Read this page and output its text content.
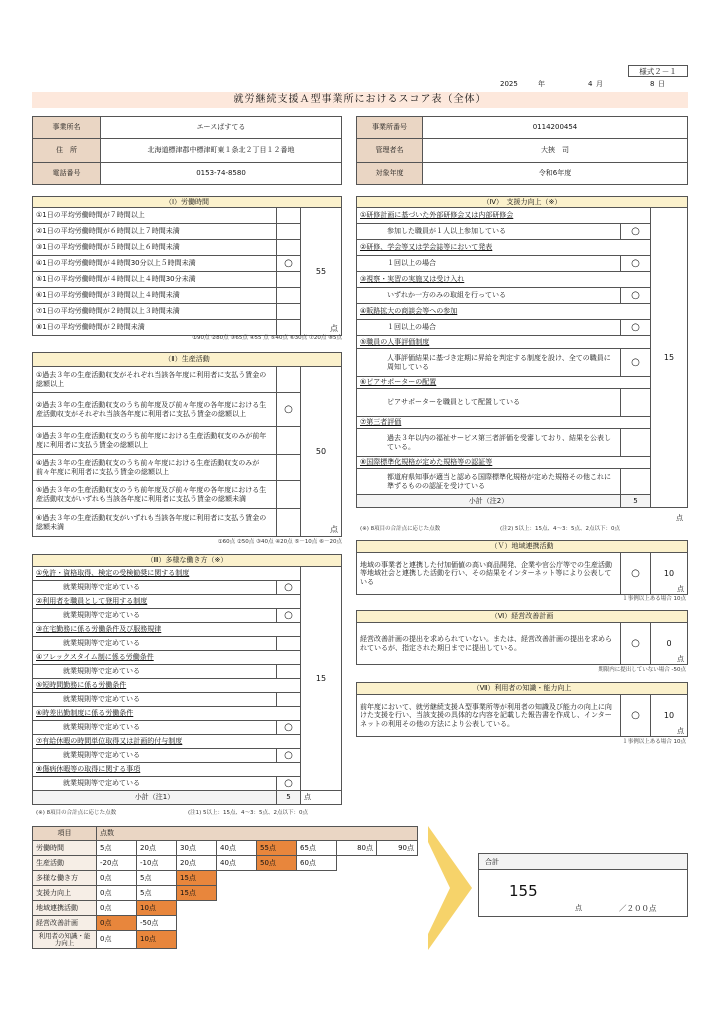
様式２－１
2025	年	4 月	8 日
就労継続支援Ａ型事業所におけるスコア表（全体）
事業所名	エースぱすてる
住　所	北海道標津郡中標津町東１条北２丁目１２番地
電話番号	0153-74-8580
事業所番号	0114200454
管理者名	大挾　司
対象年度	令和6年度
（Ⅰ）労働時間		
①1日の平均労働時間が７時間以上		55
点

②1日の平均労働時間が６時間以上７時間未満		
③1日の平均労働時間が５時間以上６時間未満		
④1日の平均労働時間が４時間30分以上５時間未満	○	
⑤1日の平均労働時間が４時間以上４時間30分未満		
⑥1日の平均労働時間が３時間以上４時間未満		
⑦1日の平均労働時間が２時間以上３時間未満		
⑧1日の平均労働時間が２時間未満		
①90点 ②80点 ③65点 ④55 点 ⑤40点 ⑥30点 ⑦20点 ⑧5点
（Ⅱ）生産活動		
①過去３年の生産活動収支がそれぞれ当該各年度に利用者に支払う賃金の総額以上		50
点

②過去３年の生産活動収支のうち前年度及び前々年度の各年度における生産活動収支がそれぞれ当該各年度に利用者に支払う賃金の総額以上	○	
③過去３年の生産活動収支のうち前年度における生産活動収支のみが前年度に利用者に支払う賃金の総額以上		
④過去３年の生産活動収支のうち前々年度における生産活動収支のみが前々年度に利用者に支払う賃金の総額以上		
⑤過去３年の生産活動収支のうち前年度及び前々年度の各年度における生産活動収支がいずれも当該各年度に利用者に支払う賃金の総額未満		
⑥過去３年の生産活動収支がいずれも当該各年度に利用者に支払う賃金の総額未満		
①60点 ②50点 ③40点 ④20点 ⑤－10点 ⑥－20点
（Ⅲ）多様な働き方（※）		
①免許・資格取得、検定の受検勧奨に関する制度		15
就業規則等で定めている	○	
②利用者を職員として登用する制度		
就業規則等で定めている	○	
③在宅勤務に係る労働条件及び服務規律		
就業規則等で定めている		
④フレックスタイム制に係る労働条件		
就業規則等で定めている		
⑤短時間勤務に係る労働条件		
就業規則等で定めている		
⑥時差出勤制度に係る労働条件		
就業規則等で定めている	○	
⑦有給休暇の時間単位取得又は計画的付与制度		
就業規則等で定めている	○	
⑧傷病休暇等の取得に関する事項		
就業規則等で定めている	○	
小計（注1）	5	点
(※) 8項目の合計点に応じた点数	(注1) 5以上：15点、4～3：5点、2点以下：0点
（Ⅳ）　支援力向上（※）		
①研修計画に基づいた外部研修会又は内部研修会		15
参加した職員が１人以上参加している	○	
②研修、学会等又は学会誌等において発表		
１回以上の場合	○	
③視察・実習の実施又は受け入れ		
いずれか一方のみの取組を行っている	○	
④販路拡大の商談会等への参加		
１回以上の場合	○	
⑤職員の人事評価制度		
人事評価結果に基づき定期に昇給を判定する制度を設け、全ての職員に周知している	○	
⑥ピアサポーターの配置		
ピアサポーターを職員として配置している		
⑦第三者評価		
過去３年以内の福祉サービス第三者評価を受審しており、結果を公表している。		
⑧国際標準化規格が定めた規格等の認証等		
都道府県知事が適当と認める国際標準化規格が定めた規格その他これに準ずるものの認証を受けている		
小計（注2）	5	
点
(※) 8項目の合計点に応じた点数	(注2) 5以上：15点、4～3：5点、2点以下：0点
（Ｖ）地域連携活動
地域の事業者と連携した付加価値の高い商品開発、企業や官公庁等での生産活動等地域社会と連携した活動を行い、その結果をインターネット等により公表している	○	10
点
１事例以上ある場合 10点
（Ⅵ）経営改善計画
経営改善計画の提出を求められていない。または、経営改善計画の提出を求められているが、指定された期日までに提出している。	○	0
点
期限内に提出していない場合 -50点
（Ⅶ）利用者の知識・能力向上
前年度において、就労継続支援Ａ型事業所等が利用者の知識及び能力の向上に向けた支援を行い、当該支援の具体的な内容を記載した報告書を作成し、インターネットの利用その他の方法により公表している。	○	10
点
１事例以上ある場合 10点
項目	点数							
労働時間	5点	20点	30点	40点	55点	65点	80点	90点
生産活動	-20点	-10点	20点	40点	50点	60点		
多様な働き方	0点	5点	15点					
支援力向上	0点	5点	15点					
地域連携活動	0点	10点						
経営改善計画	0点	-50点						
利用者の知識・能力向上	0点	10点						
合計
155
点	／２００点
